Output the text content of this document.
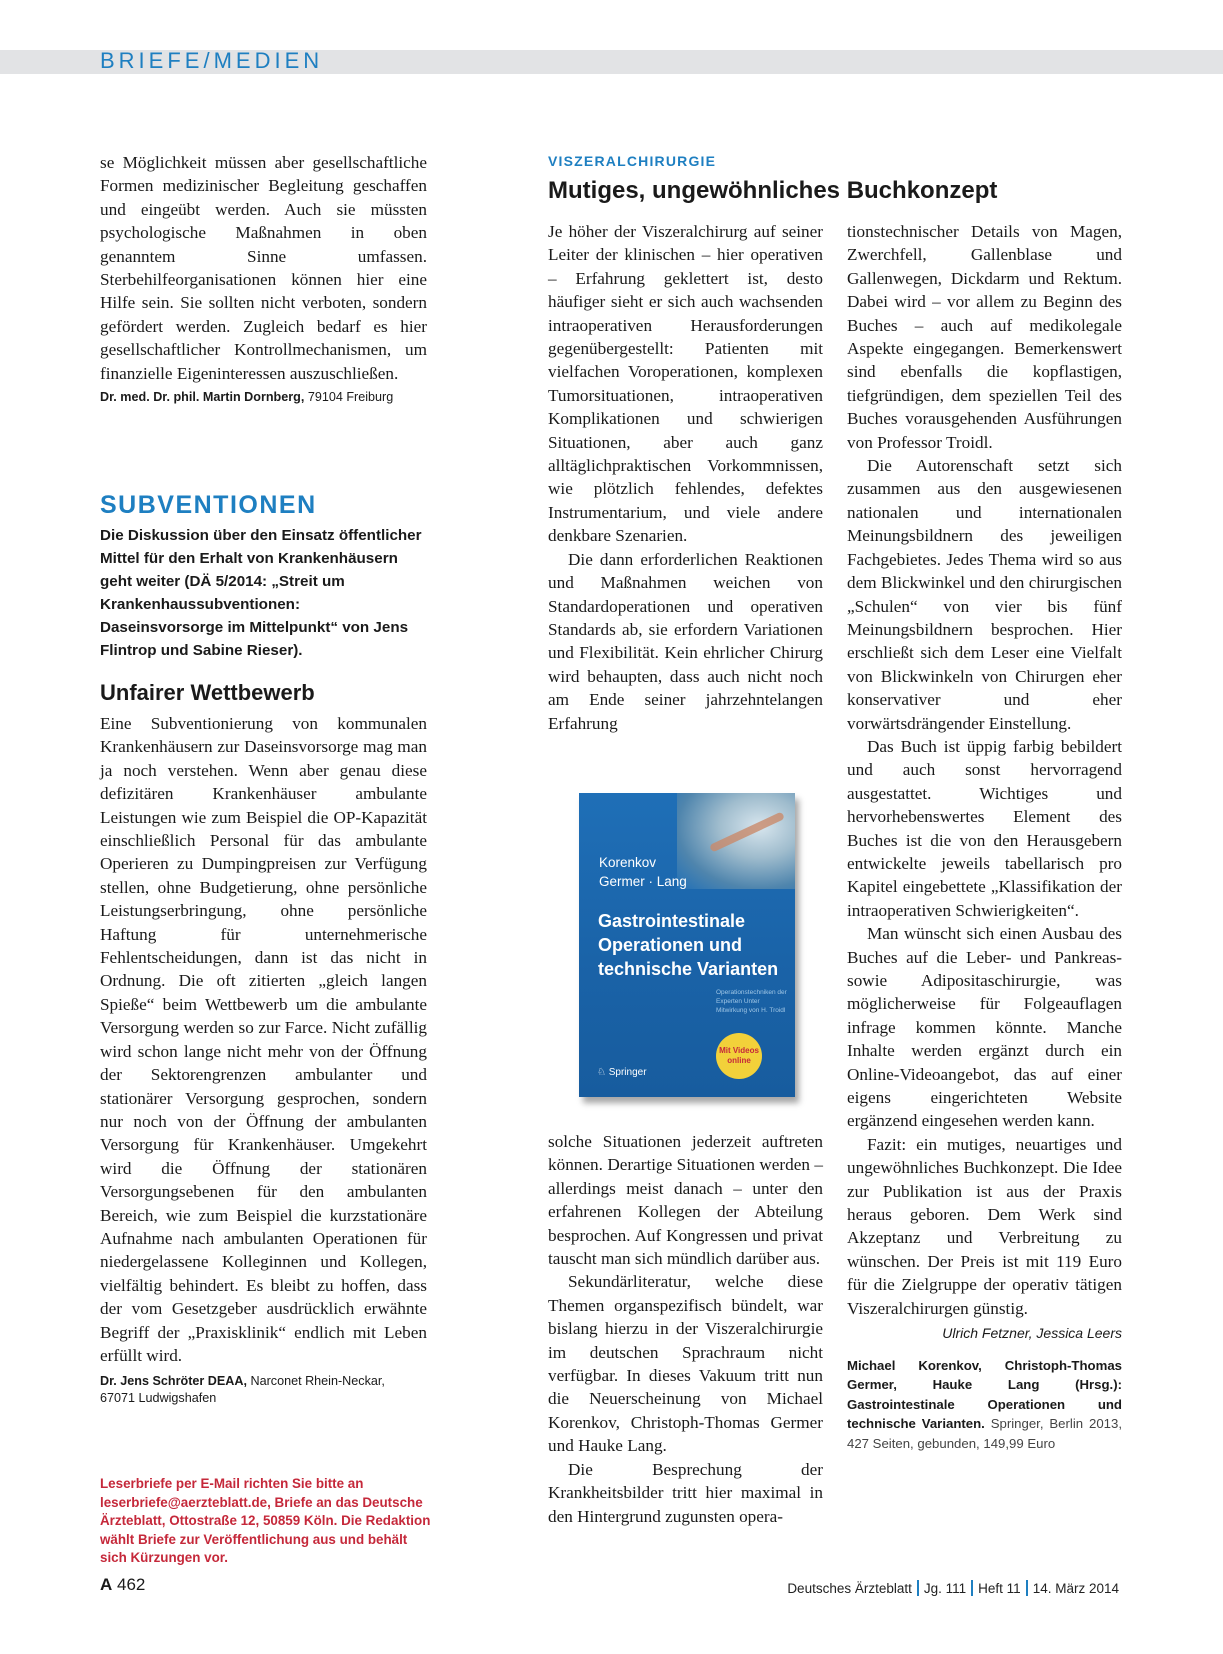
BRIEFE/MEDIEN

se Möglichkeit müssen aber gesellschaftliche Formen medizinischer Begleitung geschaffen und eingeübt werden. Auch sie müssten psychologische Maßnahmen in oben genanntem Sinne umfassen. Sterbehilfeorganisationen können hier eine Hilfe sein. Sie sollten nicht verboten, sondern gefördert werden. Zugleich bedarf es hier gesellschaftlicher Kontrollmechanismen, um finanzielle Eigeninteressen auszuschließen.

Dr. med. Dr. phil. Martin Dornberg, 79104 Freiburg
SUBVENTIONEN
Die Diskussion über den Einsatz öffentlicher Mittel für den Erhalt von Krankenhäusern geht weiter (DÄ 5/2014: „Streit um Krankenhaussubventionen: Daseinsvorsorge im Mittelpunkt“ von Jens Flintrop und Sabine Rieser).
Unfairer Wettbewerb

Eine Subventionierung von kommunalen Krankenhäusern zur Daseinsvorsorge mag man ja noch verstehen. Wenn aber genau diese defizitären Krankenhäuser ambulante Leistungen wie zum Beispiel die OP-Kapazität einschließlich Personal für das ambulante Operieren zu Dumpingpreisen zur Verfügung stellen, ohne Budgetierung, ohne persönliche Leistungserbringung, ohne persönliche Haftung für unternehmerische Fehlentscheidungen, dann ist das nicht in Ordnung. Die oft zitierten „gleich langen Spieße“ beim Wettbewerb um die ambulante Versorgung werden so zur Farce. Nicht zufällig wird schon lange nicht mehr von der Öffnung der Sektorengrenzen ambulanter und stationärer Versorgung gesprochen, sondern nur noch von der Öffnung der ambulanten Versorgung für Krankenhäuser. Umgekehrt wird die Öffnung der stationären Versorgungsebenen für den ambulanten Bereich, wie zum Beispiel die kurzstationäre Aufnahme nach ambulanten Operationen für niedergelassene Kolleginnen und Kollegen, vielfältig behindert. Es bleibt zu hoffen, dass der vom Gesetzgeber ausdrücklich erwähnte Begriff der „Praxisklinik“ endlich mit Leben erfüllt wird.

Dr. Jens Schröter DEAA, Narconet Rhein-Neckar,
67071 Ludwigshafen
Leserbriefe per E-Mail richten Sie bitte an leserbriefe@aerzteblatt.de, Briefe an das Deutsche Ärzteblatt, Ottostraße 12, 50859 Köln. Die Redaktion wählt Briefe zur Veröffentlichung aus und behält sich Kürzungen vor.
VISZERALCHIRURGIE
Mutiges, ungewöhnliches Buchkonzept

Je höher der Viszeralchirurg auf seiner Leiter der klinischen – hier operativen – Erfahrung geklettert ist, desto häufiger sieht er sich auch wachsenden intraoperativen Herausforderungen gegenübergestellt: Patienten mit vielfachen Voroperationen, komplexen Tumorsituationen, intraoperativen Komplikationen und schwierigen Situationen, aber auch ganz alltäglichpraktischen Vorkommnissen, wie plötzlich fehlendes, defektes Instrumentarium, und viele andere denkbare Szenarien.

Die dann erforderlichen Reaktionen und Maßnahmen weichen von Standardoperationen und operativen Standards ab, sie erfordern Variationen und Flexibilität. Kein ehrlicher Chirurg wird behaupten, dass auch nicht noch am Ende seiner jahrzehntelangen Erfahrung

Korenkov
Germer · Lang
Gastrointestinale Operationen und technische Varianten
Operationstechniken der Experten Unter Mitwirkung von H. Troidl
Mit Videos online
♘ Springer

solche Situationen jederzeit auftreten können. Derartige Situationen werden – allerdings meist danach – unter den erfahrenen Kollegen der Abteilung besprochen. Auf Kongressen und privat tauscht man sich mündlich darüber aus.

Sekundärliteratur, welche diese Themen organspezifisch bündelt, war bislang hierzu in der Viszeralchirurgie im deutschen Sprachraum nicht verfügbar. In dieses Vakuum tritt nun die Neuerscheinung von Michael Korenkov, Christoph-Thomas Germer und Hauke Lang.

Die Besprechung der Krankheitsbilder tritt hier maximal in den Hintergrund zugunsten opera-

tionstechnischer Details von Magen, Zwerchfell, Gallenblase und Gallenwegen, Dickdarm und Rektum. Dabei wird – vor allem zu Beginn des Buches – auch auf medikolegale Aspekte eingegangen. Bemerkenswert sind ebenfalls die kopflastigen, tiefgründigen, dem speziellen Teil des Buches vorausgehenden Ausführungen von Professor Troidl.

Die Autorenschaft setzt sich zusammen aus den ausgewiesenen nationalen und internationalen Meinungsbildnern des jeweiligen Fachgebietes. Jedes Thema wird so aus dem Blickwinkel und den chirurgischen „Schulen“ von vier bis fünf Meinungsbildnern besprochen. Hier erschließt sich dem Leser eine Vielfalt von Blickwinkeln von Chirurgen eher konservativer und eher vorwärtsdrängender Einstellung.

Das Buch ist üppig farbig bebildert und auch sonst hervorragend ausgestattet. Wichtiges und hervorhebenswertes Element des Buches ist die von den Herausgebern entwickelte jeweils tabellarisch pro Kapitel eingebettete „Klassifikation der intraoperativen Schwierigkeiten“.

Man wünscht sich einen Ausbau des Buches auf die Leber- und Pankreas- sowie Adipositaschirurgie, was möglicherweise für Folgeauflagen infrage kommen könnte. Manche Inhalte werden ergänzt durch ein Online-Videoangebot, das auf einer eigens eingerichteten Website ergänzend eingesehen werden kann.

Fazit: ein mutiges, neuartiges und ungewöhnliches Buchkonzept. Die Idee zur Publikation ist aus der Praxis heraus geboren. Dem Werk sind Akzeptanz und Verbreitung zu wünschen. Der Preis ist mit 119 Euro für die Zielgruppe der operativ tätigen Viszeralchirurgen günstig.

Ulrich Fetzner, Jessica Leers
Michael Korenkov, Christoph-Thomas Germer, Hauke Lang (Hrsg.): Gastrointestinale Operationen und technische Varianten. Springer, Berlin 2013, 427 Seiten, gebunden, 149,99 Euro
A 462	Deutsches Ärzteblatt Jg. 111 Heft 11 14. März 2014
